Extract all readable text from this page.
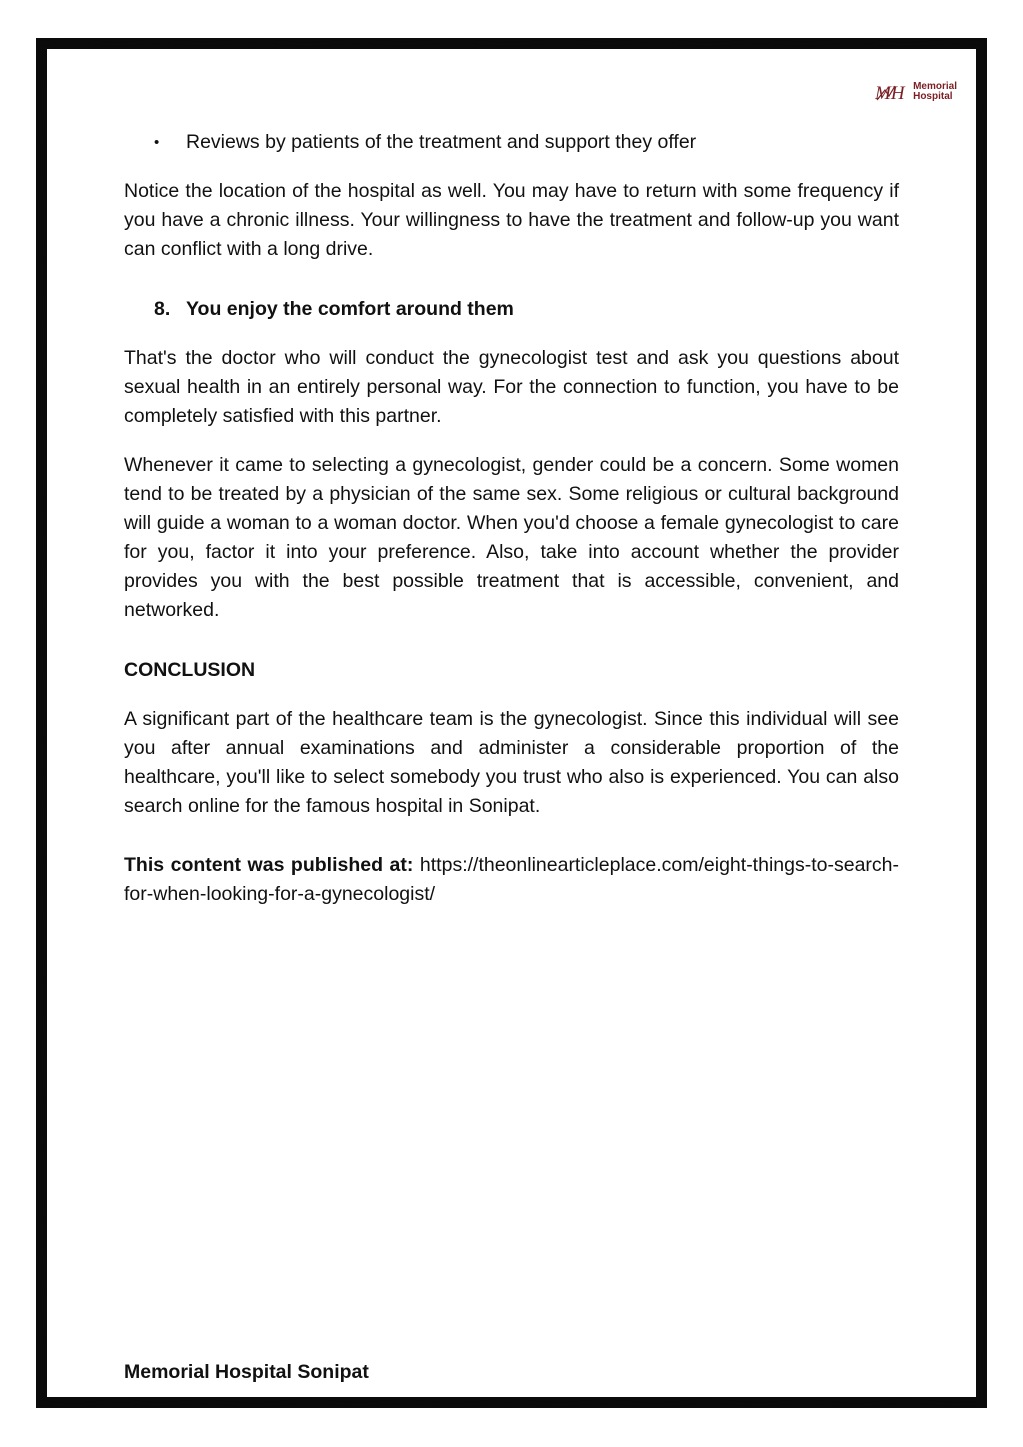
MH Memorial
Hospital
•	Reviews by patients of the treatment and support they offer

Notice the location of the hospital as well. You may have to return with some frequency if you have a chronic illness. Your willingness to have the treatment and follow-up you want can conflict with a long drive.

8. You enjoy the comfort around them

That's the doctor who will conduct the gynecologist test and ask you questions about sexual health in an entirely personal way. For the connection to function, you have to be completely satisfied with this partner.

Whenever it came to selecting a gynecologist, gender could be a concern. Some women tend to be treated by a physician of the same sex. Some religious or cultural background will guide a woman to a woman doctor. When you'd choose a female gynecologist to care for you, factor it into your preference. Also, take into account whether the provider provides you with the best possible treatment that is accessible, convenient, and networked.

CONCLUSION

A significant part of the healthcare team is the gynecologist. Since this individual will see you after annual examinations and administer a considerable proportion of the healthcare, you'll like to select somebody you trust who also is experienced. You can also search online for the famous hospital in Sonipat.

This content was published at: https://theonlinearticleplace.com/eight-things-to-search-for-when-looking-for-a-gynecologist/

Memorial Hospital Sonipat
